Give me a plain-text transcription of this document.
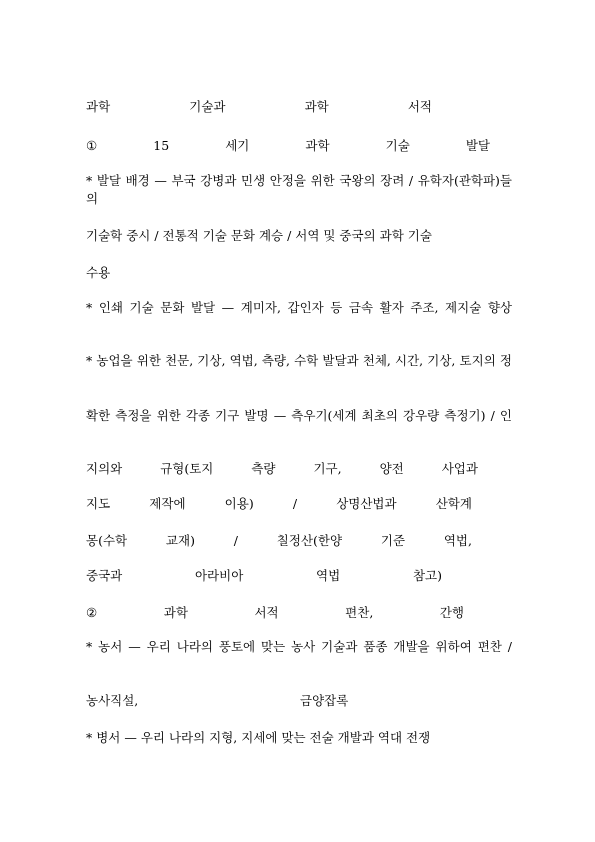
과학	기술과	과학	서적
①	15	세기	과학	기술	발달
* 발달 배경 — 부국 강병과 민생 안정을 위한 국왕의 장려 / 유학자(관학파)들의
기술학 중시 / 전통적 기술 문화 계승 / 서역 및 중국의 과학 기술
수용
* 인쇄 기술 문화 발달 — 계미자, 갑인자 등 금속 활자 주조, 제지술 향상
* 농업을 위한 천문, 기상, 역법, 측량, 수학 발달과 천체, 시간, 기상, 토지의 정
확한 측정을 위한 각종 기구 발명 — 측우기(세계 최초의 강우량 측정기) / 인
지의와	규형(토지	측량	기구,	양전	사업과
지도	제작에	이용)	/	상명산법과	산학계
몽(수학	교재)	/	칠정산(한양	기준	역법,
중국과	아라비아	역법	참고)
②	과학	서적	편찬,	간행
* 농서 — 우리 나라의 풍토에 맞는 농사 기술과 품종 개발을 위하여 편찬 /
농사직설,	금양잡록
* 병서 — 우리 나라의 지형, 지세에 맞는 전술 개발과 역대 전쟁
